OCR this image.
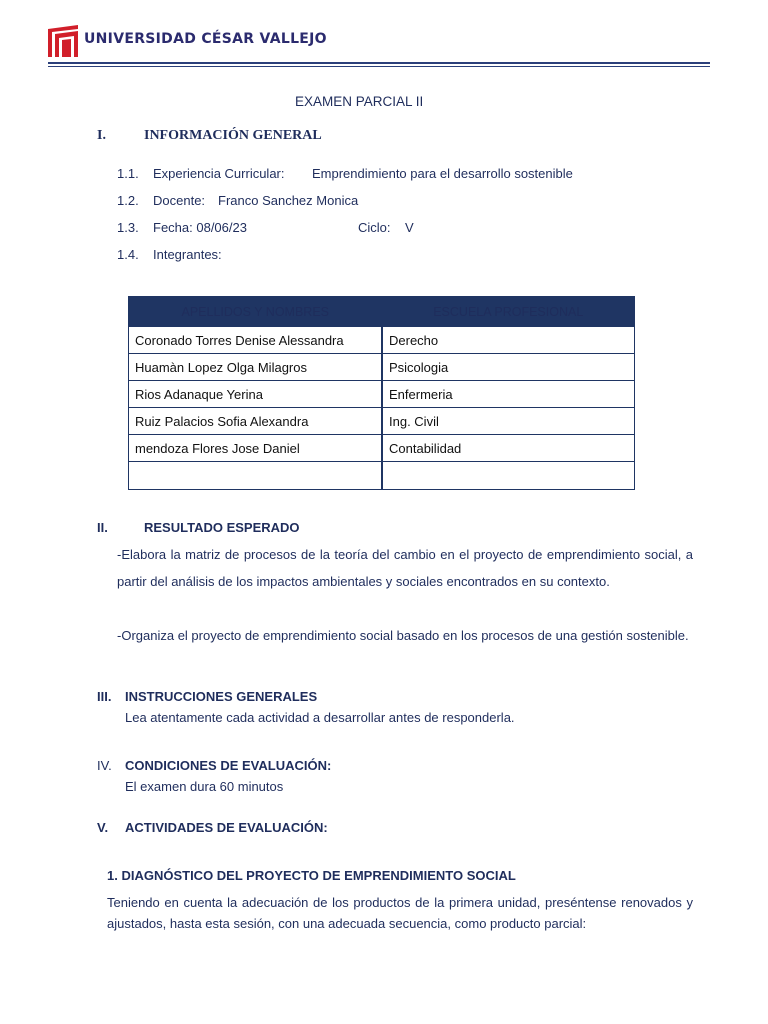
UNIVERSIDAD CÉSAR VALLEJO
EXAMEN PARCIAL II
I.	INFORMACIÓN GENERAL
1.1. Experiencia Curricular: Emprendimiento para el desarrollo sostenible
1.2. Docente: Franco Sanchez Monica
1.3. Fecha: 08/06/23	Ciclo: V
1.4. Integrantes:
APELLIDOS Y NOMBRES	ESCUELA PROFESIONAL
Coronado Torres Denise Alessandra	Derecho
Huamàn Lopez Olga Milagros	Psicologia
Rios Adanaque Yerina	Enfermeria
Ruiz Palacios Sofia Alexandra	Ing. Civil
mendoza Flores Jose Daniel	Contabilidad

II.	RESULTADO ESPERADO
-Elabora la matriz de procesos de la teoría del cambio en el proyecto de emprendimiento social, a partir del análisis de los impactos ambientales y sociales encontrados en su contexto.
-Organiza el proyecto de emprendimiento social basado en los procesos de una gestión sostenible.
III. INSTRUCCIONES GENERALES
Lea atentamente cada actividad a desarrollar antes de responderla.
IV. CONDICIONES DE EVALUACIÓN:
El examen dura 60 minutos
V. ACTIVIDADES DE EVALUACIÓN:
1. DIAGNÓSTICO DEL PROYECTO DE EMPRENDIMIENTO SOCIAL
Teniendo en cuenta la adecuación de los productos de la primera unidad, preséntense renovados y ajustados, hasta esta sesión, con una adecuada secuencia, como producto parcial:
